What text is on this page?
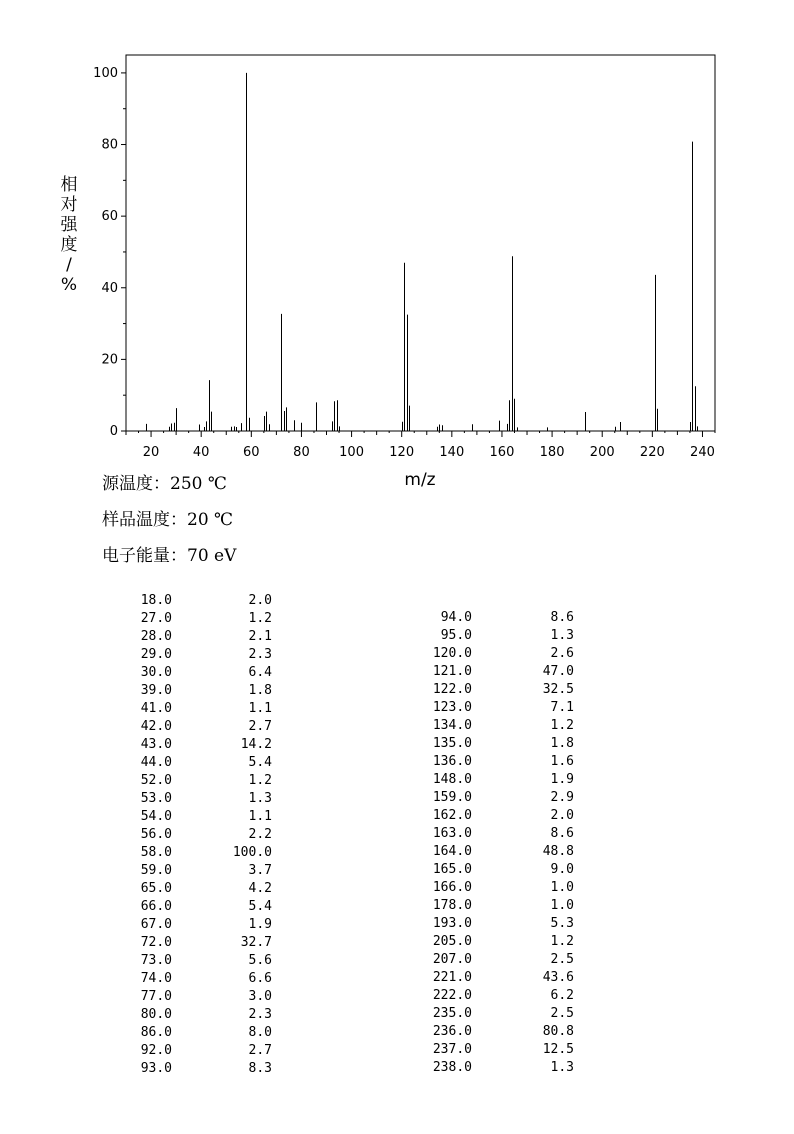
0
20
40
60
80
100
20	40	60	80 100 120 140 160 180 200 220 240
m/z
相对强度/ %
源温度：250 ℃
样品温度：20 ℃
电子能量：70 eV
18.0	2.0
27.0	1.2
28.0	2.1
29.0	2.3
30.0	6.4
39.0	1.8
41.0	1.1
42.0	2.7
43.0	14.2
44.0	5.4
52.0	1.2
53.0	1.3
54.0	1.1
56.0	2.2
58.0	100.0
59.0	3.7
65.0	4.2
66.0	5.4
67.0	1.9
72.0	32.7
73.0	5.6
74.0	6.6
77.0	3.0
80.0	2.3
86.0	8.0
92.0	2.7
93.0	8.3
94.0	8.6
95.0	1.3
120.0	2.6
121.0	47.0
122.0	32.5
123.0	7.1
134.0	1.2
135.0	1.8
136.0	1.6
148.0	1.9
159.0	2.9
162.0	2.0
163.0	8.6
164.0	48.8
165.0	9.0
166.0	1.0
178.0	1.0
193.0	5.3
205.0	1.2
207.0	2.5
221.0	43.6
222.0	6.2
235.0	2.5
236.0	80.8
237.0	12.5
238.0	1.3
